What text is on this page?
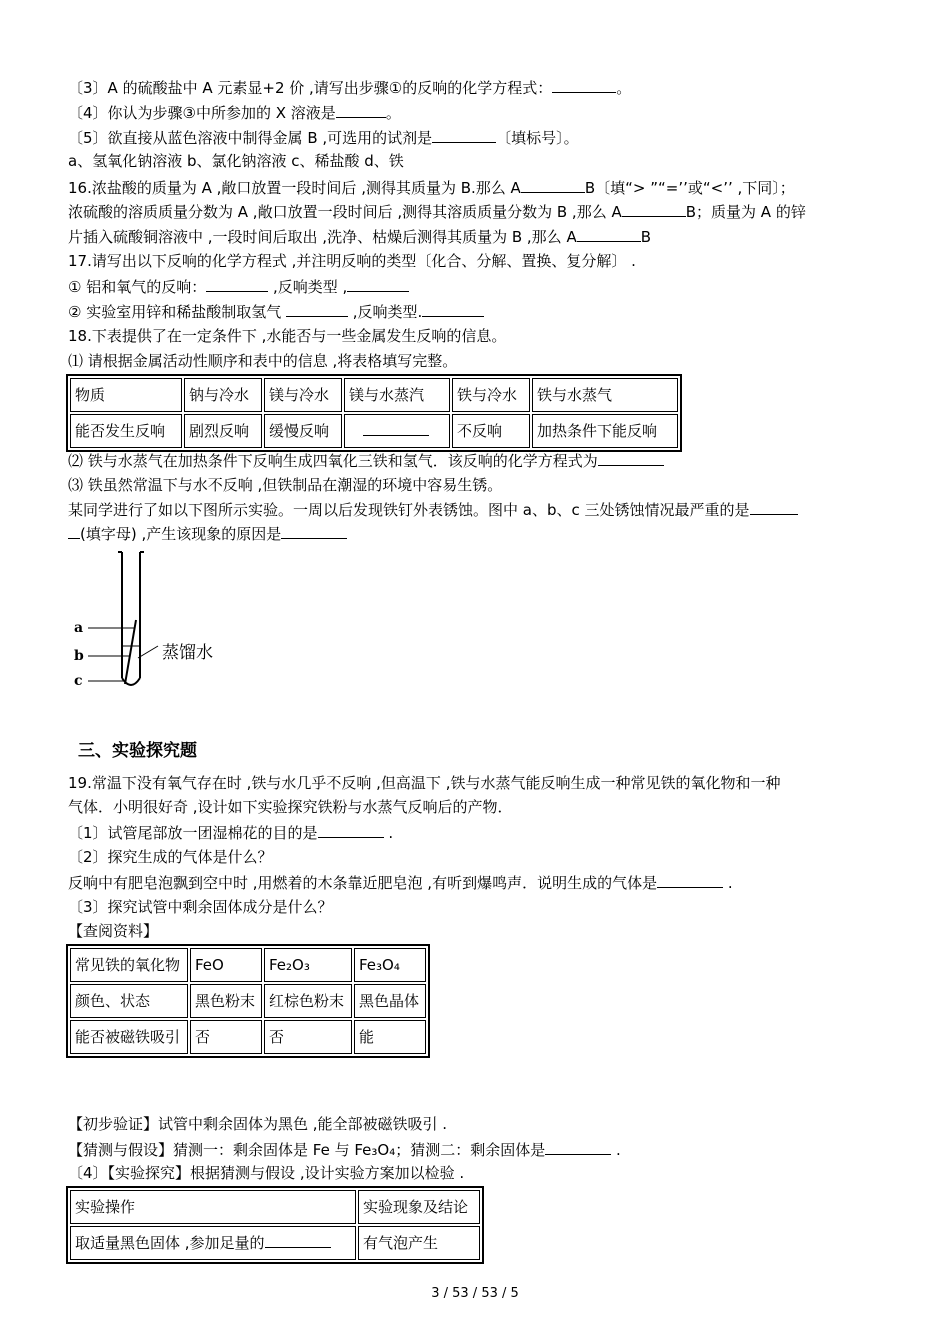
〔3〕A 的硫酸盐中 A 元素显+2 价 ,请写出步骤①的反响的化学方程式：	。
〔4〕你认为步骤③中所参加的 X 溶液是	。
〔5〕欲直接从蓝色溶液中制得金属 B ,可选用的试剂是	〔填标号〕。
a、氢氧化钠溶液 b、氯化钠溶液 c、稀盐酸 d、铁
16.浓盐酸的质量为 A ,敞口放置一段时间后 ,测得其质量为 B.那么 A	B〔填“> ”“=’’或“<’’ ,下同〕；
浓硫酸的溶质质量分数为 A ,敞口放置一段时间后 ,测得其溶质质量分数为 B ,那么 A	B；质量为 A 的锌
片插入硫酸铜溶液中 ,一段时间后取出 ,洗净、枯燥后测得其质量为 B ,那么 A	B
17.请写出以下反响的化学方程式 ,并注明反响的类型〔化合、分解、置换、复分解〕 .
① 铝和氧气的反响：	,反响类型 ,
② 实验室用锌和稀盐酸制取氢气	,反响类型.
18.下表提供了在一定条件下 ,水能否与一些金属发生反响的信息。
⑴ 请根据金属活动性顺序和表中的信息 ,将表格填写完整。
物质	钠与冷水	镁与冷水	镁与水蒸汽	铁与冷水	铁与水蒸气
能否发生反响	剧烈反响	缓慢反响		不反响	加热条件下能反响
⑵ 铁与水蒸气在加热条件下反响生成四氧化三铁和氢气．该反响的化学方程式为
⑶ 铁虽然常温下与水不反响 ,但铁制品在潮湿的环境中容易生锈。
某同学进行了如以下图所示实验。一周以后发现铁钉外表锈蚀。图中 a、b、c 三处锈蚀情况最严重的是
(填字母) ,产生该现象的原因是
a
b
c
蒸馏水
三、实验探究题
19.常温下没有氧气存在时 ,铁与水几乎不反响 ,但高温下 ,铁与水蒸气能反响生成一种常见铁的氧化物和一种
气体．小明很好奇 ,设计如下实验探究铁粉与水蒸气反响后的产物．
〔1〕试管尾部放一团湿棉花的目的是	.
〔2〕探究生成的气体是什么？
反响中有肥皂泡飘到空中时 ,用燃着的木条靠近肥皂泡 ,有听到爆鸣声．说明生成的气体是	.
〔3〕探究试管中剩余固体成分是什么？
【查阅资料】
常见铁的氧化物	FeO	Fe₂O₃	Fe₃O₄
颜色、状态	黑色粉末	红棕色粉末	黑色晶体
能否被磁铁吸引	否	否	能
【初步验证】试管中剩余固体为黑色 ,能全部被磁铁吸引 .
【猜测与假设】猜测一：剩余固体是 Fe 与 Fe₃O₄；猜测二：剩余固体是	.
〔4〕【实验探究】根据猜测与假设 ,设计实验方案加以检验 .
实验操作	实验现象及结论
取适量黑色固体 ,参加足量的	有气泡产生
3 / 53 / 53 / 5
